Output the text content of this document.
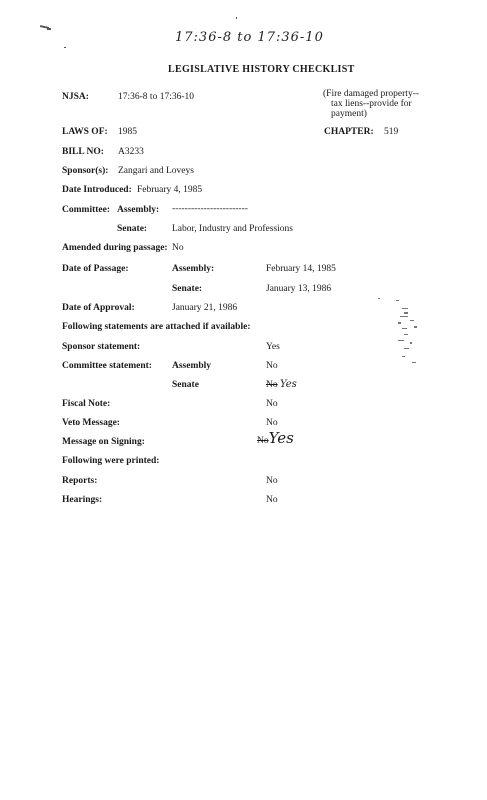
17:36-8 to 17:36-10
LEGISLATIVE HISTORY CHECKLIST
NJSA:	17:36-8 to 17:36-10	(Fire damaged property--
tax liens--provide for
payment)
LAWS OF: 1985	CHAPTER: 519
BILL NO: A3233
Sponsor(s): Zangari and Loveys
Date Introduced: February 4, 1985
Committee: Assembly: ------------------------
Senate:	Labor, Industry and Professions
Amended during passage: No
Date of Passage:	Assembly:	February 14, 1985
Senate:	January 13, 1986
Date of Approval:	January 21, 1986
Following statements are attached if available:
Sponsor statement:	Yes
Committee statement: Assembly	No
Senate	No Yes
Fiscal Note:	No
Veto Message:	No
Message on Signing:	NoYes
Following were printed:
Reports:	No
Hearings:	No
